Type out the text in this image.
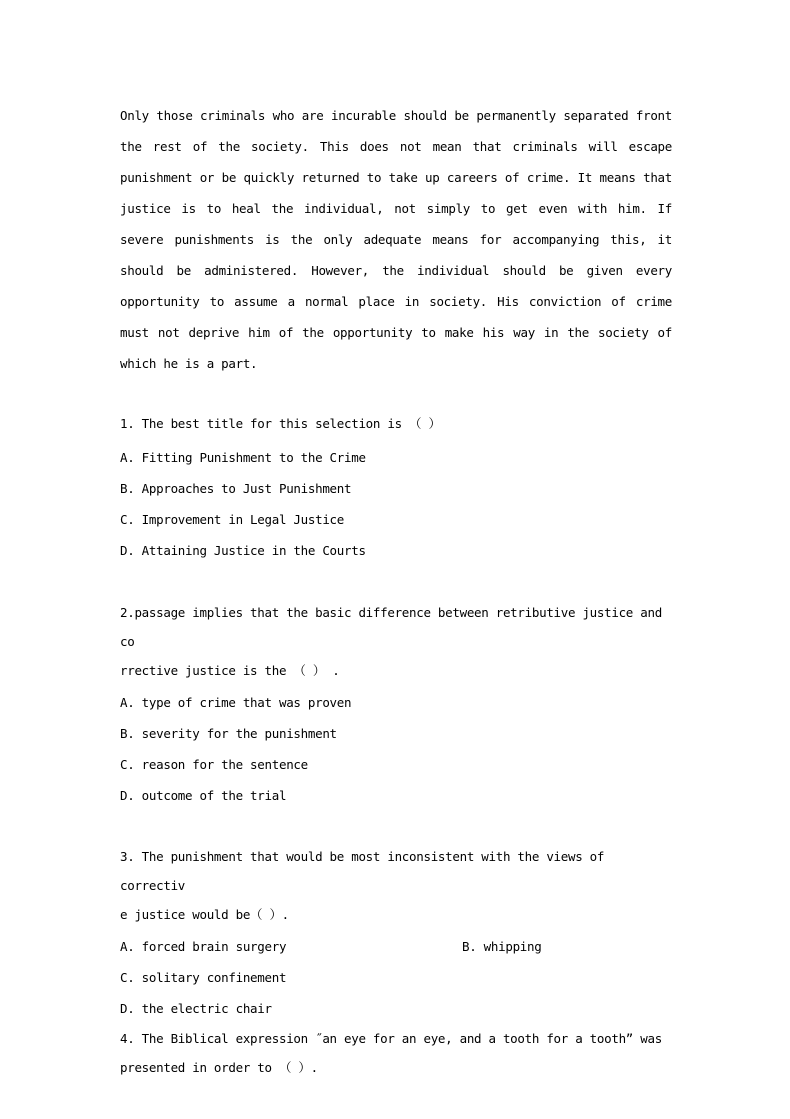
Only those criminals who are incurable should be permanently separated front the rest of the society. This does not mean that criminals will escape punishment or be quickly returned to take up careers of crime. It means that justice is to heal the individual, not simply to get even with him. If severe punishments is the only adequate means for accompanying this, it should be administered. However, the individual should be given every opportunity to assume a normal place in society. His conviction of crime must not deprive him of the opportunity to make his way in the society of which he is a part.

1. The best title for this selection is （ ）

A. Fitting Punishment to the Crime

B. Approaches to Just Punishment

C. Improvement in Legal Justice

D. Attaining Justice in the Courts

2.passage implies that the basic difference between retributive justice and co

rrective justice is the （ ） .

A. type of crime that was proven

B. severity for the punishment

C. reason for the sentence

D. outcome of the trial

3. The punishment that would be most inconsistent with the views of correctiv

e justice would be（ ）.

A. forced brain surgery	B. whipping

C. solitary confinement

D. the electric chair

4. The Biblical expression ˝an eye for an eye, and a tooth for a tooth” was

presented in order to （ ）.
